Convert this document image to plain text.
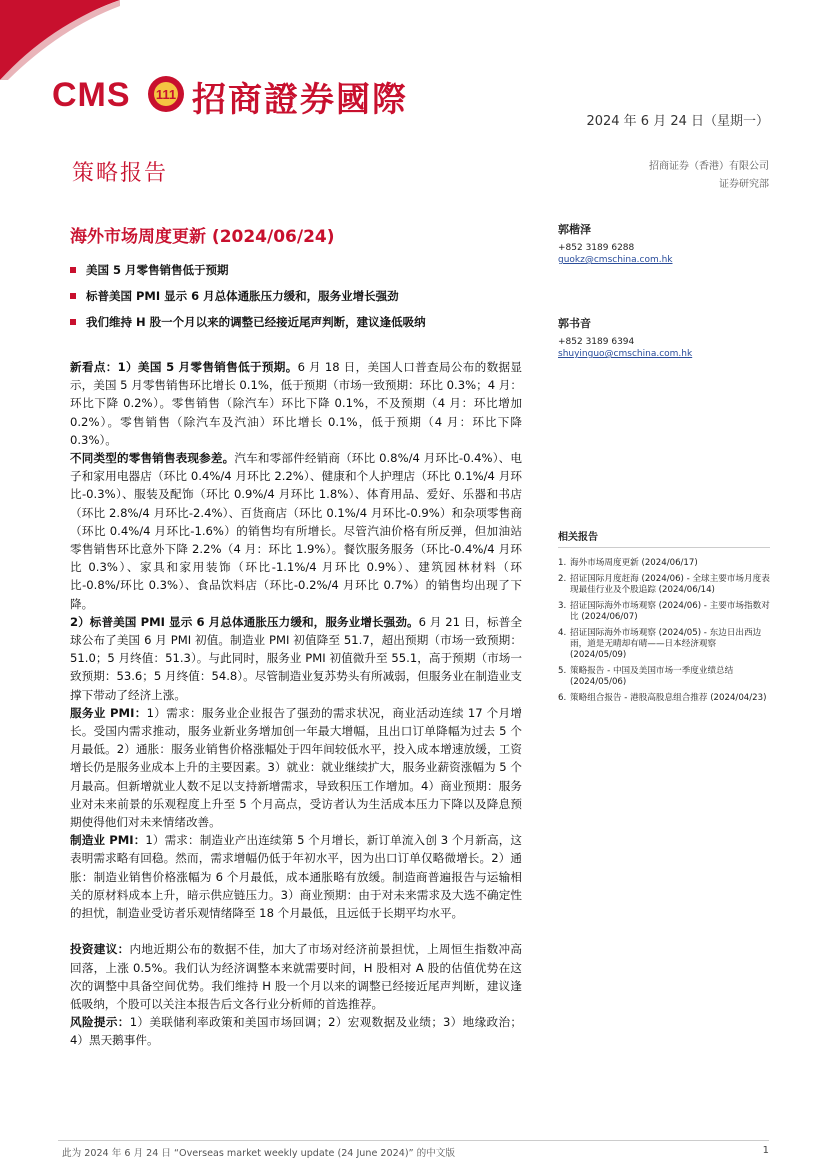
CMS 111 招商證券國際
2024 年 6 月 24 日（星期一）
策略报告	招商证券（香港）有限公司
证券研究部
海外市场周度更新 (2024/06/24)
美国 5 月零售销售低于预期
标普美国 PMI 显示 6 月总体通胀压力缓和，服务业增长强劲
我们维持 H 股一个月以来的调整已经接近尾声判断，建议逢低吸纳
郭楷泽
+852 3189 6288
guokz@cmschina.com.hk
郭书音
+852 3189 6394
shuyinguo@cmschina.com.hk

新看点：1）美国 5 月零售销售低于预期。6 月 18 日，美国人口普查局公布的数据显示，美国 5 月零售销售环比增长 0.1%，低于预期（市场一致预期：环比 0.3%；4 月：环比下降 0.2%）。零售销售（除汽车）环比下降 0.1%，不及预期（4 月：环比增加 0.2%）。零售销售（除汽车及汽油）环比增长 0.1%，低于预期（4 月：环比下降 0.3%）。

不同类型的零售销售表现参差。汽车和零部件经销商（环比 0.8%/4 月环比-0.4%）、电子和家用电器店（环比 0.4%/4 月环比 2.2%）、健康和个人护理店（环比 0.1%/4 月环比-0.3%）、服装及配饰（环比 0.9%/4 月环比 1.8%）、体育用品、爱好、乐器和书店（环比 2.8%/4 月环比-2.4%）、百货商店（环比 0.1%/4 月环比-0.9%）和杂项零售商（环比 0.4%/4 月环比-1.6%）的销售均有所增长。尽管汽油价格有所反弹，但加油站零售销售环比意外下降 2.2%（4 月：环比 1.9%）。餐饮服务服务（环比-0.4%/4 月环比 0.3%）、家具和家用装饰（环比-1.1%/4 月环比 0.9%）、建筑园林材料（环比-0.8%/环比 0.3%）、食品饮料店（环比-0.2%/4 月环比 0.7%）的销售均出现了下降。

2）标普美国 PMI 显示 6 月总体通胀压力缓和，服务业增长强劲。6 月 21 日，标普全球公布了美国 6 月 PMI 初值。制造业 PMI 初值降至 51.7，超出预期（市场一致预期：51.0；5 月终值：51.3）。与此同时，服务业 PMI 初值微升至 55.1，高于预期（市场一致预期：53.6；5 月终值：54.8）。尽管制造业复苏势头有所减弱，但服务业在制造业支撑下带动了经济上涨。

服务业 PMI：1）需求：服务业企业报告了强劲的需求状况，商业活动连续 17 个月增长。受国内需求推动，服务业新业务增加创一年最大增幅，且出口订单降幅为过去 5 个月最低。2）通胀：服务业销售价格涨幅处于四年间较低水平，投入成本增速放缓，工资增长仍是服务业成本上升的主要因素。3）就业：就业继续扩大，服务业薪资涨幅为 5 个月最高。但新增就业人数不足以支持新增需求，导致积压工作增加。4）商业预期：服务业对未来前景的乐观程度上升至 5 个月高点，受访者认为生活成本压力下降以及降息预期使得他们对未来情绪改善。

制造业 PMI：1）需求：制造业产出连续第 5 个月增长，新订单流入创 3 个月新高，这表明需求略有回稳。然而，需求增幅仍低于年初水平，因为出口订单仅略微增长。2）通胀：制造业销售价格涨幅为 6 个月最低，成本通胀略有放缓。制造商普遍报告与运输相关的原材料成本上升，暗示供应链压力。3）商业预期：由于对未来需求及大选不确定性的担忧，制造业受访者乐观情绪降至 18 个月最低，且远低于长期平均水平。

投资建议：内地近期公布的数据不佳，加大了市场对经济前景担忧，上周恒生指数冲高回落，上涨 0.5%。我们认为经济调整本来就需要时间，H 股相对 A 股的估值优势在这次的调整中具备空间优势。我们维持 H 股一个月以来的调整已经接近尾声判断，建议逢低吸纳，个股可以关注本报告后文各行业分析师的首选推荐。

风险提示：1）美联储利率政策和美国市场回调；2）宏观数据及业绩；3）地缘政治；4）黑天鹅事件。

相关报告
1. 海外市场周度更新 (2024/06/17)
2. 招证国际月度赶海 (2024/06) - 全球主要市场月度表现最佳行业及个股追踪 (2024/06/14)
3. 招证国际海外市场观察 (2024/06) - 主要市场指数对比 (2024/06/07)
4. 招证国际海外市场观察 (2024/05) - 东边日出西边雨，道是无晴却有晴——日本经济观察 (2024/05/09)
5. 策略报告 - 中国及美国市场一季度业绩总结 (2024/05/06)
6. 策略组合报告 - 港股高股息组合推荐 (2024/04/23)
此为 2024 年 6 月 24 日 “Overseas market weekly update (24 June 2024)” 的中文版	1
